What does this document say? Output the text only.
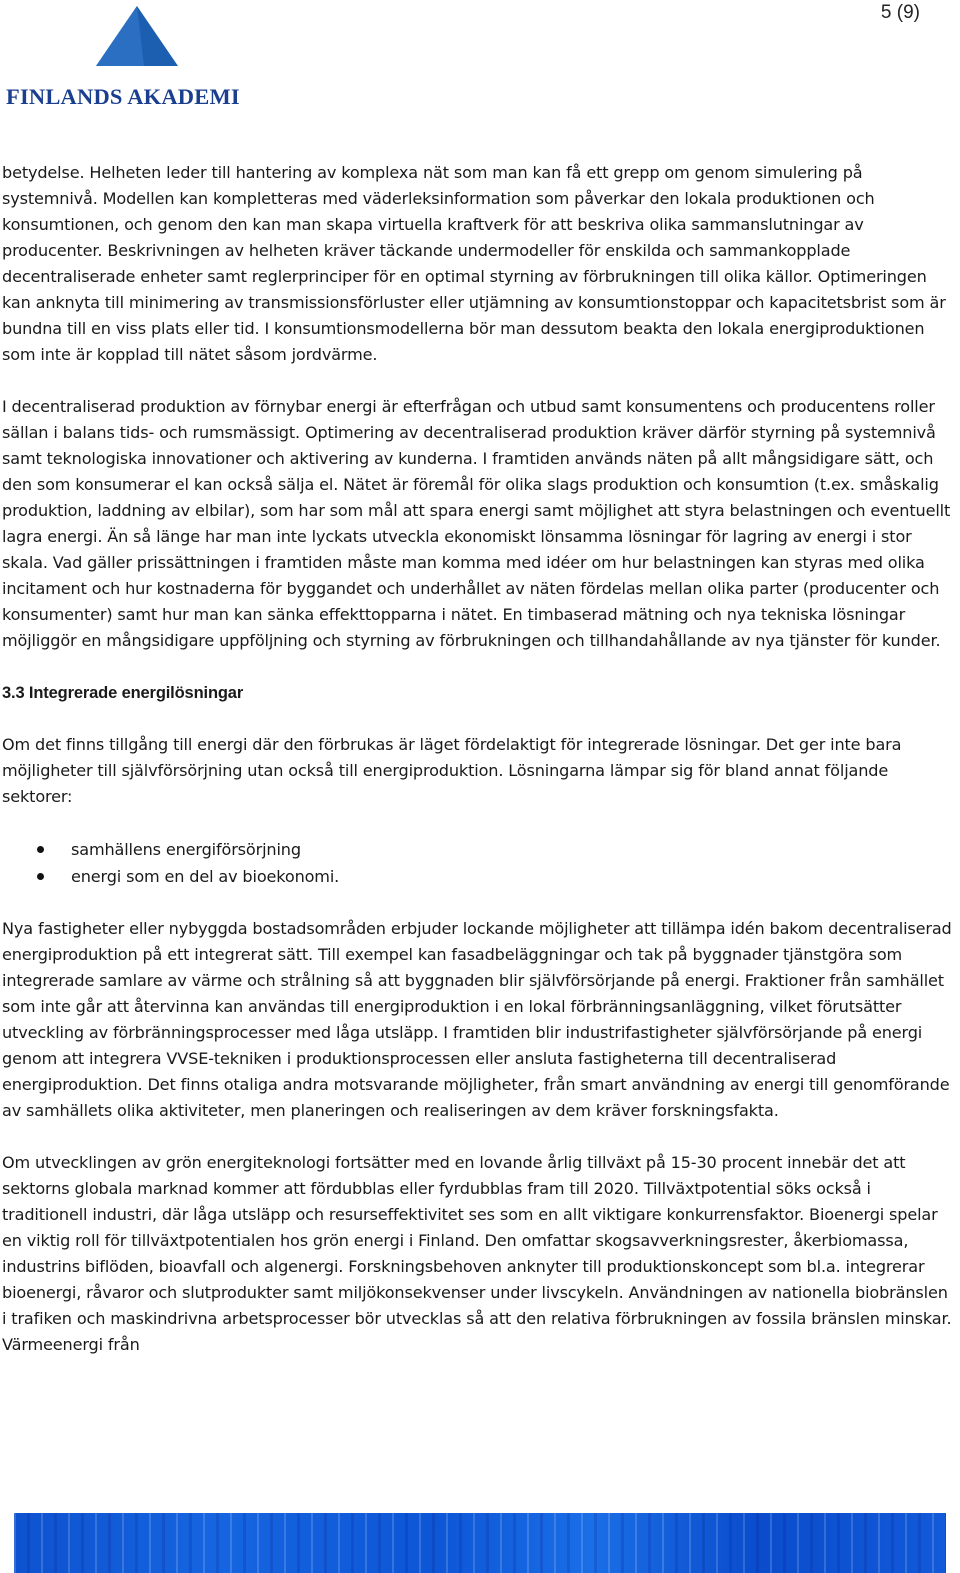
5 (9)
FINLANDS AKADEMI

betydelse. Helheten leder till hantering av komplexa nät som man kan få ett grepp om genom simulering på systemnivå. Modellen kan kompletteras med väderleksinformation som påverkar den lokala produktionen och konsumtionen, och genom den kan man skapa virtuella kraftverk för att beskriva olika sammanslutningar av producenter. Beskrivningen av helheten kräver täckande undermodeller för enskilda och sammankopplade decentraliserade enheter samt reglerprinciper för en optimal styrning av förbrukningen till olika källor. Optimeringen kan anknyta till minimering av transmissionsförluster eller utjämning av konsumtionstoppar och kapacitetsbrist som är bundna till en viss plats eller tid. I konsumtionsmodellerna bör man dessutom beakta den lokala energiproduktionen som inte är kopplad till nätet såsom jordvärme.

I decentraliserad produktion av förnybar energi är efterfrågan och utbud samt konsumentens och producentens roller sällan i balans tids- och rumsmässigt. Optimering av decentraliserad produktion kräver därför styrning på systemnivå samt teknologiska innovationer och aktivering av kunderna. I framtiden används näten på allt mångsidigare sätt, och den som konsumerar el kan också sälja el. Nätet är föremål för olika slags produktion och konsumtion (t.ex. småskalig produktion, laddning av elbilar), som har som mål att spara energi samt möjlighet att styra belastningen och eventuellt lagra energi. Än så länge har man inte lyckats utveckla ekonomiskt lönsamma lösningar för lagring av energi i stor skala. Vad gäller prissättningen i framtiden måste man komma med idéer om hur belastningen kan styras med olika incitament och hur kostnaderna för byggandet och underhållet av näten fördelas mellan olika parter (producenter och konsumenter) samt hur man kan sänka effekttopparna i nätet. En timbaserad mätning och nya tekniska lösningar möjliggör en mångsidigare uppföljning och styrning av förbrukningen och tillhandahållande av nya tjänster för kunder.

3.3 Integrerade energilösningar

Om det finns tillgång till energi där den förbrukas är läget fördelaktigt för integrerade lösningar. Det ger inte bara möjligheter till självförsörjning utan också till energiproduktion. Lösningarna lämpar sig för bland annat följande sektorer:

samhällens energiförsörjning
energi som en del av bioekonomi.

Nya fastigheter eller nybyggda bostadsområden erbjuder lockande möjligheter att tillämpa idén bakom decentraliserad energiproduktion på ett integrerat sätt. Till exempel kan fasadbeläggningar och tak på byggnader tjänstgöra som integrerade samlare av värme och strålning så att byggnaden blir självförsörjande på energi. Fraktioner från samhället som inte går att återvinna kan användas till energiproduktion i en lokal förbränningsanläggning, vilket förutsätter utveckling av förbränningsprocesser med låga utsläpp. I framtiden blir industrifastigheter självförsörjande på energi genom att integrera VVSE-tekniken i produktionsprocessen eller ansluta fastigheterna till decentraliserad energiproduktion. Det finns otaliga andra motsvarande möjligheter, från smart användning av energi till genomförande av samhällets olika aktiviteter, men planeringen och realiseringen av dem kräver forskningsfakta.

Om utvecklingen av grön energiteknologi fortsätter med en lovande årlig tillväxt på 15-30 procent innebär det att sektorns globala marknad kommer att fördubblas eller fyrdubblas fram till 2020. Tillväxtpotential söks också i traditionell industri, där låga utsläpp och resurseffektivitet ses som en allt viktigare konkurrensfaktor. Bioenergi spelar en viktig roll för tillväxtpotentialen hos grön energi i Finland. Den omfattar skogsavverkningsrester, åkerbiomassa, industrins biflöden, bioavfall och algenergi. Forskningsbehoven anknyter till produktionskoncept som bl.a. integrerar bioenergi, råvaror och slutprodukter samt miljökonsekvenser under livscykeln. Användningen av nationella biobränslen i trafiken och maskindrivna arbetsprocesser bör utvecklas så att den relativa förbrukningen av fossila bränslen minskar. Värmeenergi från
